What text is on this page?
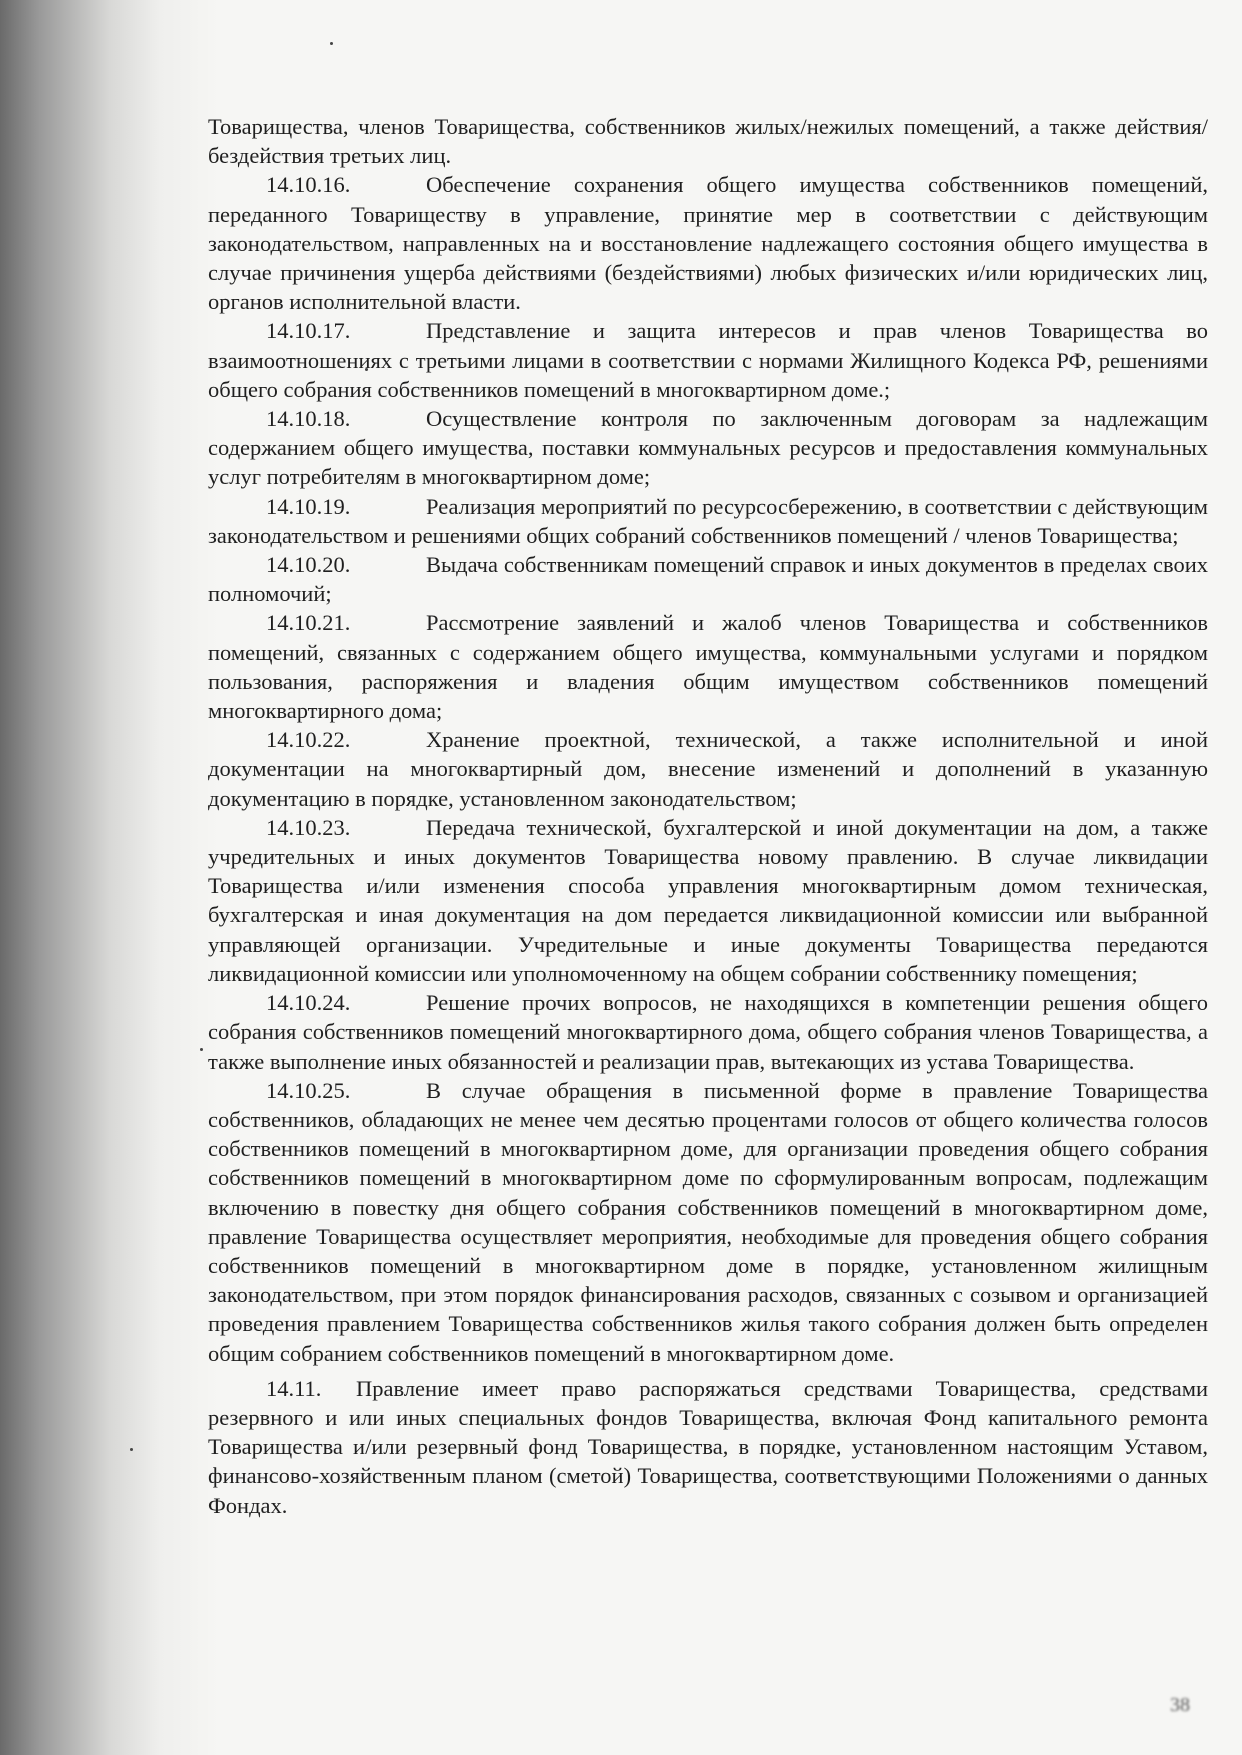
Товарищества, членов Товарищества, собственников жилых/нежилых помещений, а также действия/бездействия третьих лиц.

14.10.16.	Обеспечение сохранения общего имущества собственников помещений, переданного Товариществу в управление, принятие мер в соответствии с действующим законодательством, направленных на и восстановление надлежащего состояния общего имущества в случае причинения ущерба действиями (бездействиями) любых физических и/или юридических лиц, органов исполнительной власти.

14.10.17.	Представление и защита интересов и прав членов Товарищества во взаимоотношениях с третьими лицами в соответствии с нормами Жилищного Кодекса РФ, решениями общего собрания собственников помещений в многоквартирном доме.;

14.10.18.	Осуществление контроля по заключенным договорам за надлежащим содержанием общего имущества, поставки коммунальных ресурсов и предоставления коммунальных услуг потребителям в многоквартирном доме;

14.10.19.	Реализация мероприятий по ресурсосбережению, в соответствии с действующим законодательством и решениями общих собраний собственников помещений / членов Товарищества;

14.10.20.	Выдача собственникам помещений справок и иных документов в пределах своих полномочий;

14.10.21.	Рассмотрение заявлений и жалоб членов Товарищества и собственников помещений, связанных с содержанием общего имущества, коммунальными услугами и порядком пользования, распоряжения и владения общим имуществом собственников помещений многоквартирного дома;

14.10.22.	Хранение проектной, технической, а также исполнительной и иной документации на многоквартирный дом, внесение изменений и дополнений в указанную документацию в порядке, установленном законодательством;

14.10.23.	Передача технической, бухгалтерской и иной документации на дом, а также учредительных и иных документов Товарищества новому правлению. В случае ликвидации Товарищества и/или изменения способа управления многоквартирным домом техническая, бухгалтерская и иная документация на дом передается ликвидационной комиссии или выбранной управляющей организации. Учредительные и иные документы Товарищества передаются ликвидационной комиссии или уполномоченному на общем собрании собственнику помещения;

14.10.24.	Решение прочих вопросов, не находящихся в компетенции решения общего собрания собственников помещений многоквартирного дома, общего собрания членов Товарищества, а также выполнение иных обязанностей и реализации прав, вытекающих из устава Товарищества.

14.10.25.	В случае обращения в письменной форме в правление Товарищества собственников, обладающих не менее чем десятью процентами голосов от общего количества голосов собственников помещений в многоквартирном доме, для организации проведения общего собрания собственников помещений в многоквартирном доме по сформулированным вопросам, подлежащим включению в повестку дня общего собрания собственников помещений в многоквартирном доме, правление Товарищества осуществляет мероприятия, необходимые для проведения общего собрания собственников помещений в многоквартирном доме в порядке, установленном жилищным законодательством, при этом порядок финансирования расходов, связанных с созывом и организацией проведения правлением Товарищества собственников жилья такого собрания должен быть определен общим собранием собственников помещений в многоквартирном доме.

14.11. Правление имеет право распоряжаться средствами Товарищества, средствами резервного и или иных специальных фондов Товарищества, включая Фонд капитального ремонта Товарищества и/или резервный фонд Товарищества, в порядке, установленном настоящим Уставом, финансово-хозяйственным планом (сметой) Товарищества, соответствующими Положениями о данных Фондах.

38
